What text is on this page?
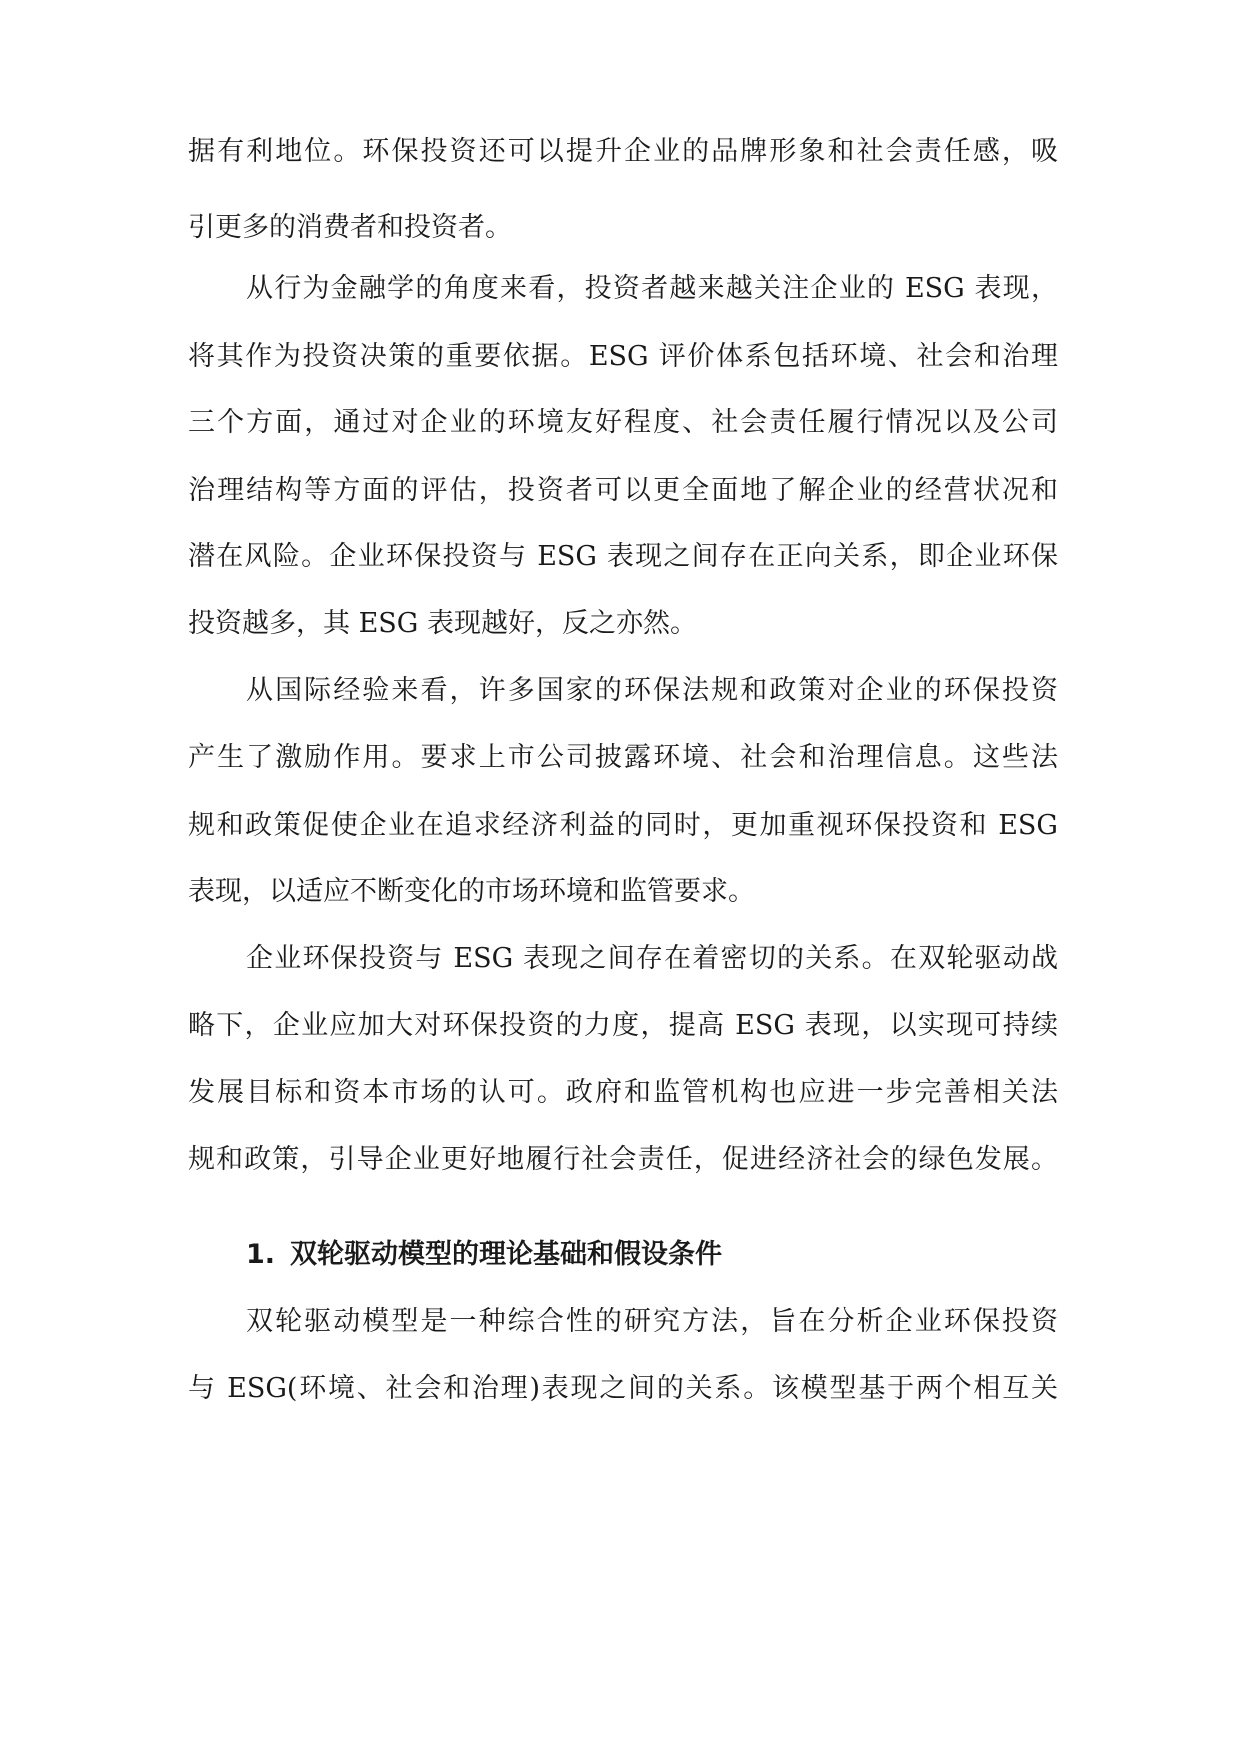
据有利地位。环保投资还可以提升企业的品牌形象和社会责任感，吸
引更多的消费者和投资者。
从行为金融学的角度来看，投资者越来越关注企业的 ESG 表现，
将其作为投资决策的重要依据。ESG 评价体系包括环境、社会和治理
三个方面，通过对企业的环境友好程度、社会责任履行情况以及公司
治理结构等方面的评估，投资者可以更全面地了解企业的经营状况和
潜在风险。企业环保投资与 ESG 表现之间存在正向关系，即企业环保
投资越多，其 ESG 表现越好，反之亦然。
从国际经验来看，许多国家的环保法规和政策对企业的环保投资
产生了激励作用。要求上市公司披露环境、社会和治理信息。这些法
规和政策促使企业在追求经济利益的同时，更加重视环保投资和 ESG
表现，以适应不断变化的市场环境和监管要求。
企业环保投资与 ESG 表现之间存在着密切的关系。在双轮驱动战
略下，企业应加大对环保投资的力度，提高 ESG 表现，以实现可持续
发展目标和资本市场的认可。政府和监管机构也应进一步完善相关法
规和政策，引导企业更好地履行社会责任，促进经济社会的绿色发展。
1. 双轮驱动模型的理论基础和假设条件
双轮驱动模型是一种综合性的研究方法，旨在分析企业环保投资
与 ESG(环境、社会和治理)表现之间的关系。该模型基于两个相互关
